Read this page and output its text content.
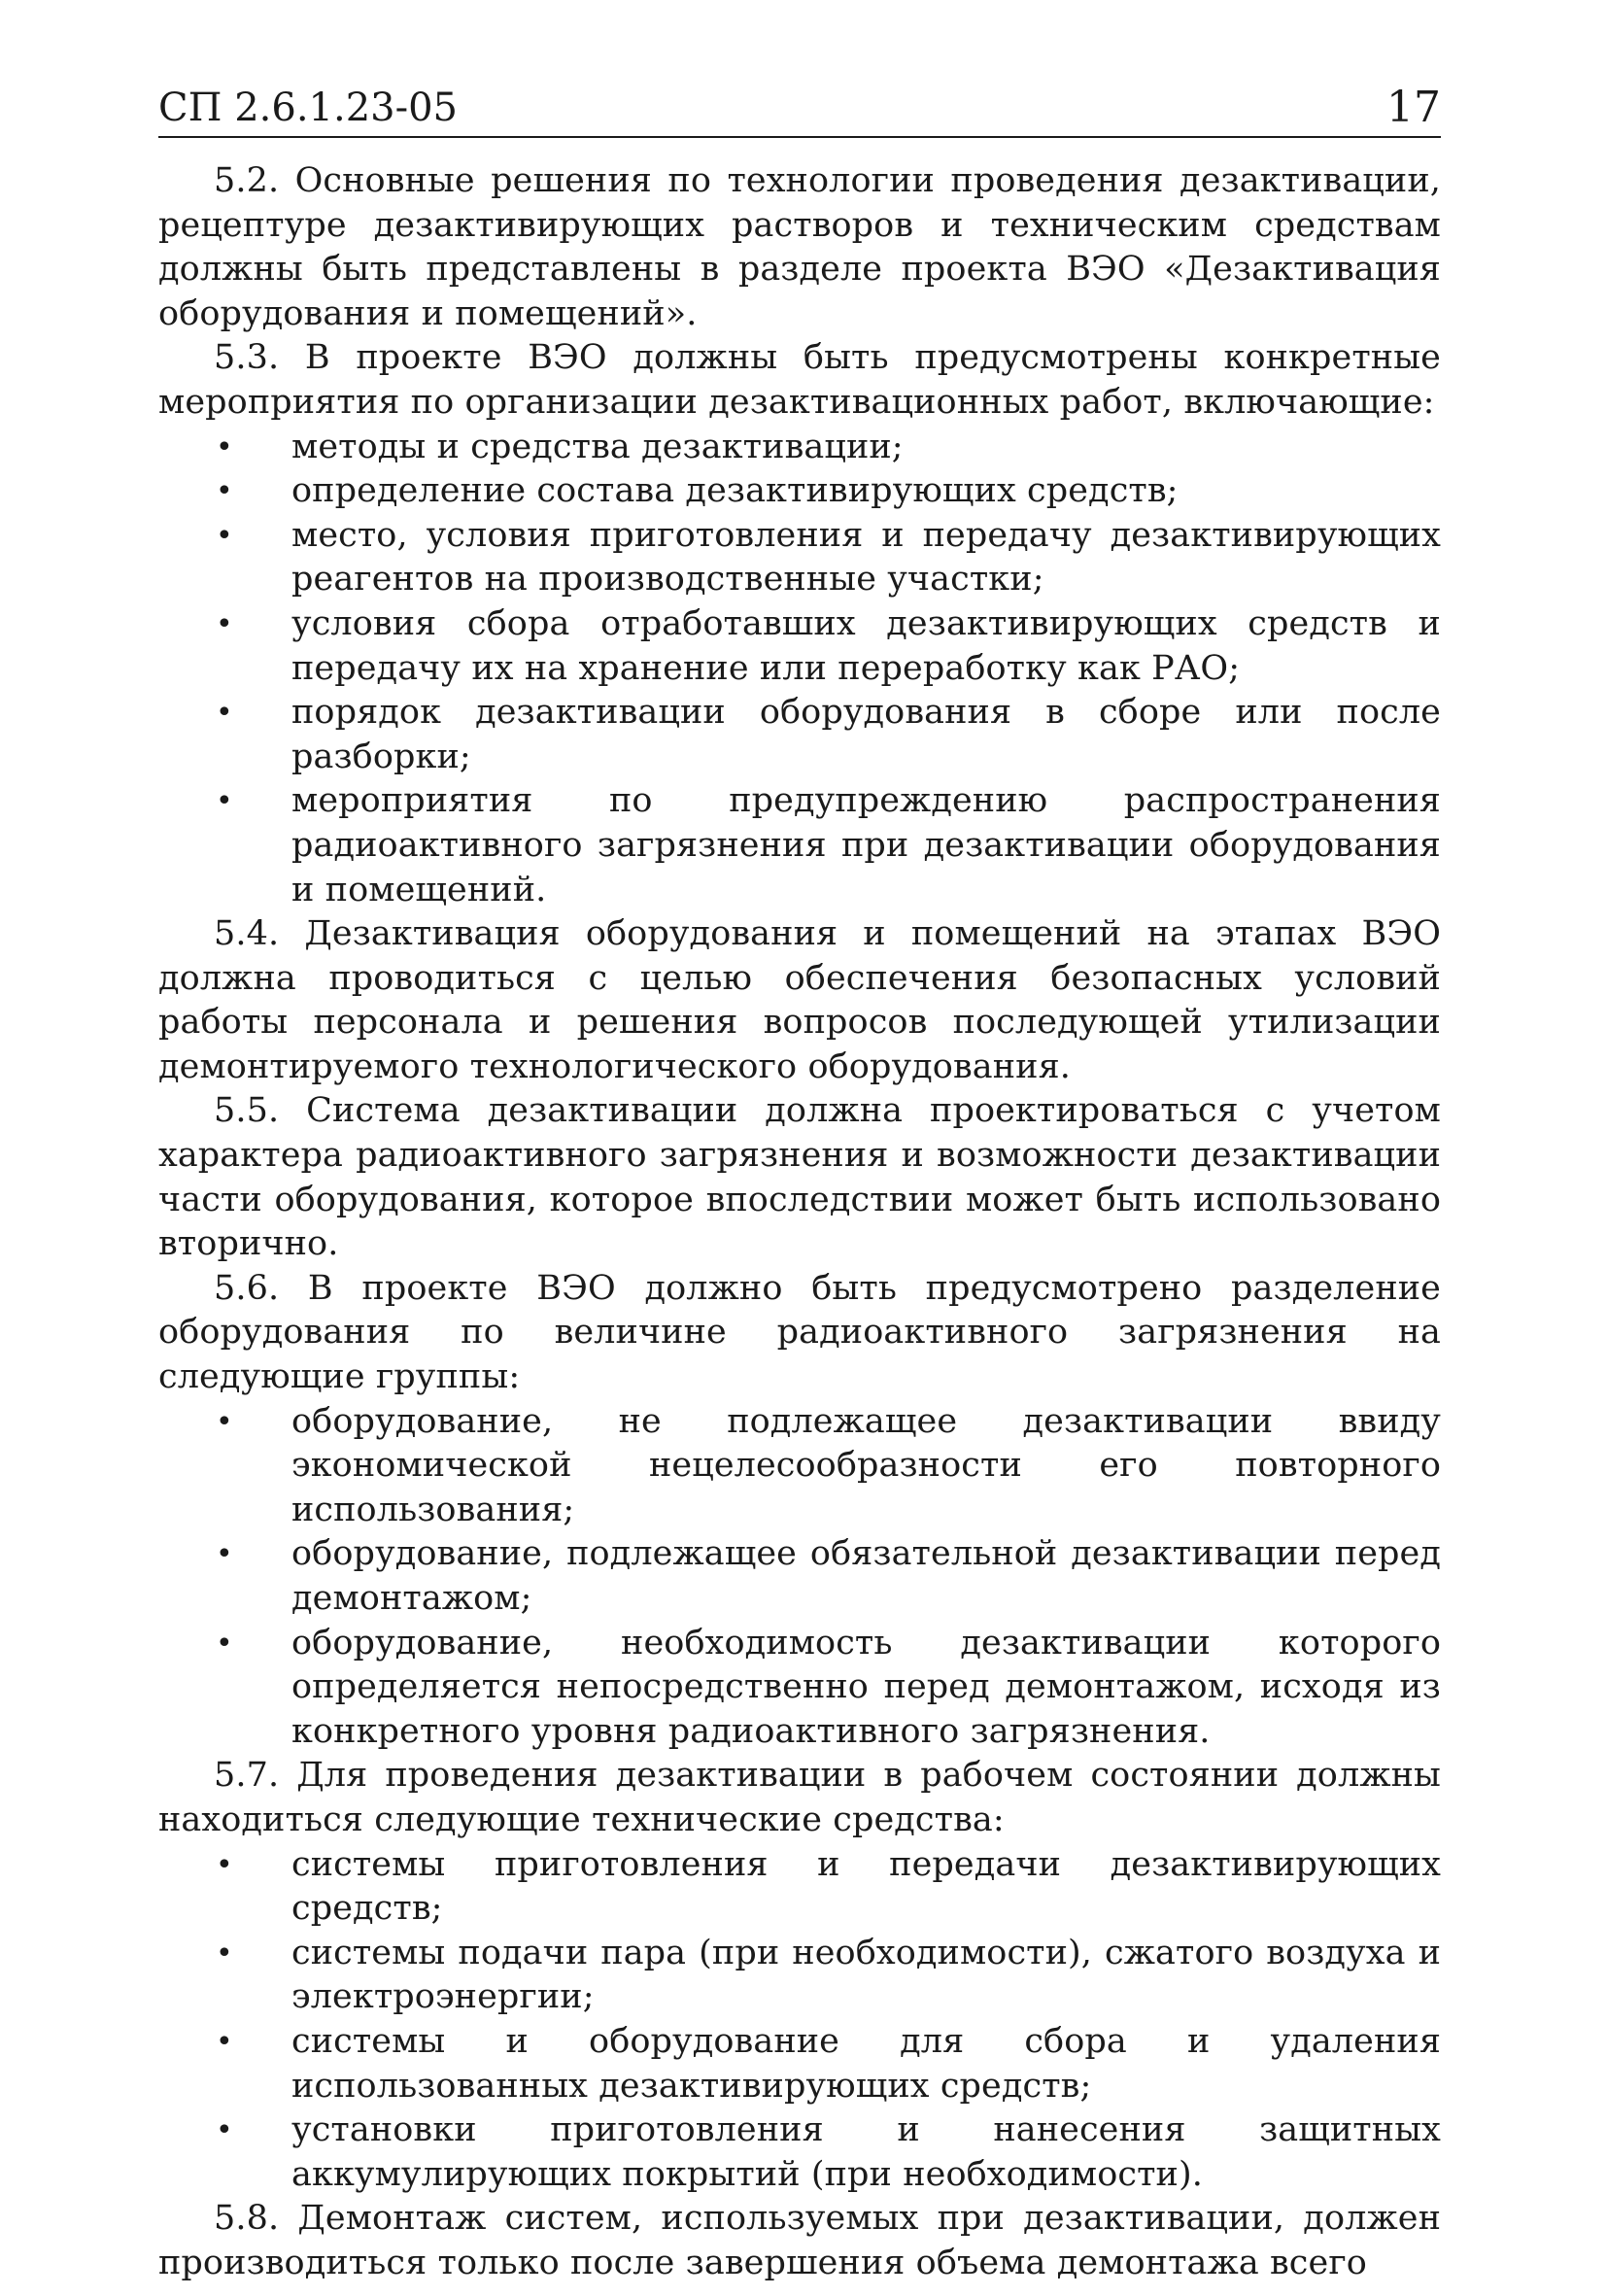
СП 2.6.1.23-05	17

5.2. Основные решения по технологии проведения дезактивации, рецептуре дезактивирующих растворов и техническим средствам должны быть представлены в разделе проекта ВЭО «Дезактивация оборудования и помещений».

5.3. В проекте ВЭО должны быть предусмотрены конкретные мероприятия по организации дезактивационных работ, включающие:

• методы и средства дезактивации;
• определение состава дезактивирующих средств;
• место, условия приготовления и передачу дезактивирующих реагентов на производственные участки;
• условия сбора отработавших дезактивирующих средств и передачу их на хранение или переработку как РАО;
• порядок дезактивации оборудования в сборе или после разборки;
• мероприятия по предупреждению распространения радиоактивного загрязнения при дезактивации оборудования и помещений.

5.4. Дезактивация оборудования и помещений на этапах ВЭО должна проводиться с целью обеспечения безопасных условий работы персонала и решения вопросов последующей утилизации демонтируемого технологического оборудования.

5.5. Система дезактивации должна проектироваться с учетом характера радиоактивного загрязнения и возможности дезактивации части оборудования, которое впоследствии может быть использовано вторично.

5.6. В проекте ВЭО должно быть предусмотрено разделение оборудования по величине радиоактивного загрязнения на следующие группы:

• оборудование, не подлежащее дезактивации ввиду экономической нецелесообразности его повторного использования;
• оборудование, подлежащее обязательной дезактивации перед демонтажом;
• оборудование, необходимость дезактивации которого определяется непосредственно перед демонтажом, исходя из конкретного уровня радиоактивного загрязнения.

5.7. Для проведения дезактивации в рабочем состоянии должны находиться следующие технические средства:

• системы приготовления и передачи дезактивирующих средств;
• системы подачи пара (при необходимости), сжатого воздуха и электроэнергии;
• системы и оборудование для сбора и удаления использованных дезактивирующих средств;
• установки приготовления и нанесения защитных аккумулирующих покрытий (при необходимости).

5.8. Демонтаж систем, используемых при дезактивации, должен производиться только после завершения объема демонтажа всего
